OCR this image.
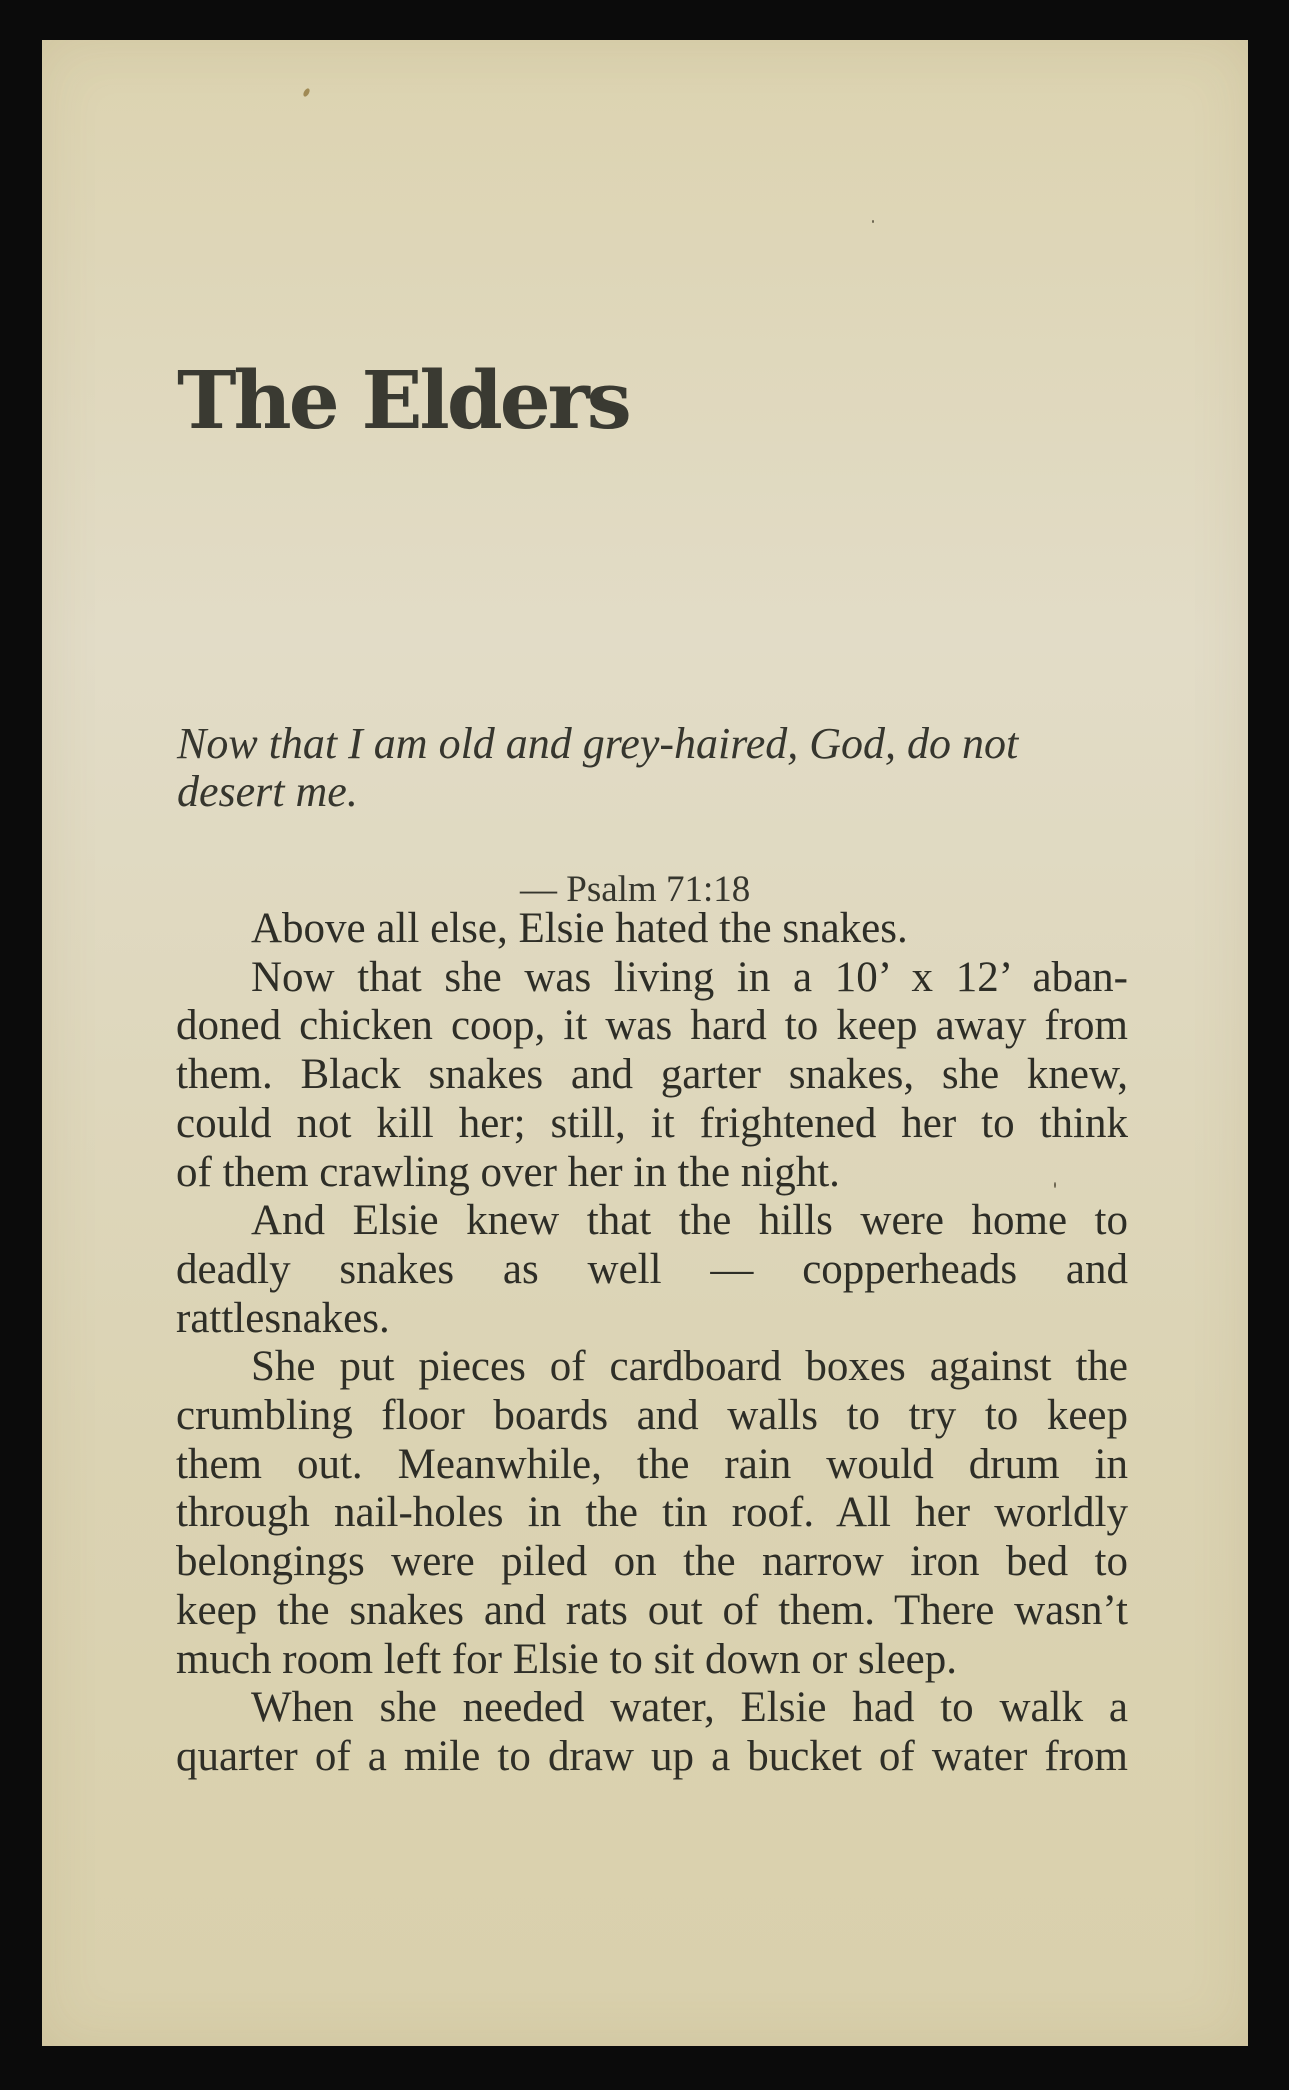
The Elders
Now that I am old and grey-haired, God, do not
desert me.

— Psalm 71:18

Above all else, Elsie hated the snakes.
Now that she was living in a 10’ x 12’ aban-
doned chicken coop, it was hard to keep away from
them. Black snakes and garter snakes, she knew,
could not kill her; still, it frightened her to think
of them crawling over her in the night.
And Elsie knew that the hills were home to
deadly snakes as well — copperheads and
rattlesnakes.
She put pieces of cardboard boxes against the
crumbling floor boards and walls to try to keep
them out. Meanwhile, the rain would drum in
through nail-holes in the tin roof. All her worldly
belongings were piled on the narrow iron bed to
keep the snakes and rats out of them. There wasn’t
much room left for Elsie to sit down or sleep.
When she needed water, Elsie had to walk a
quarter of a mile to draw up a bucket of water from
